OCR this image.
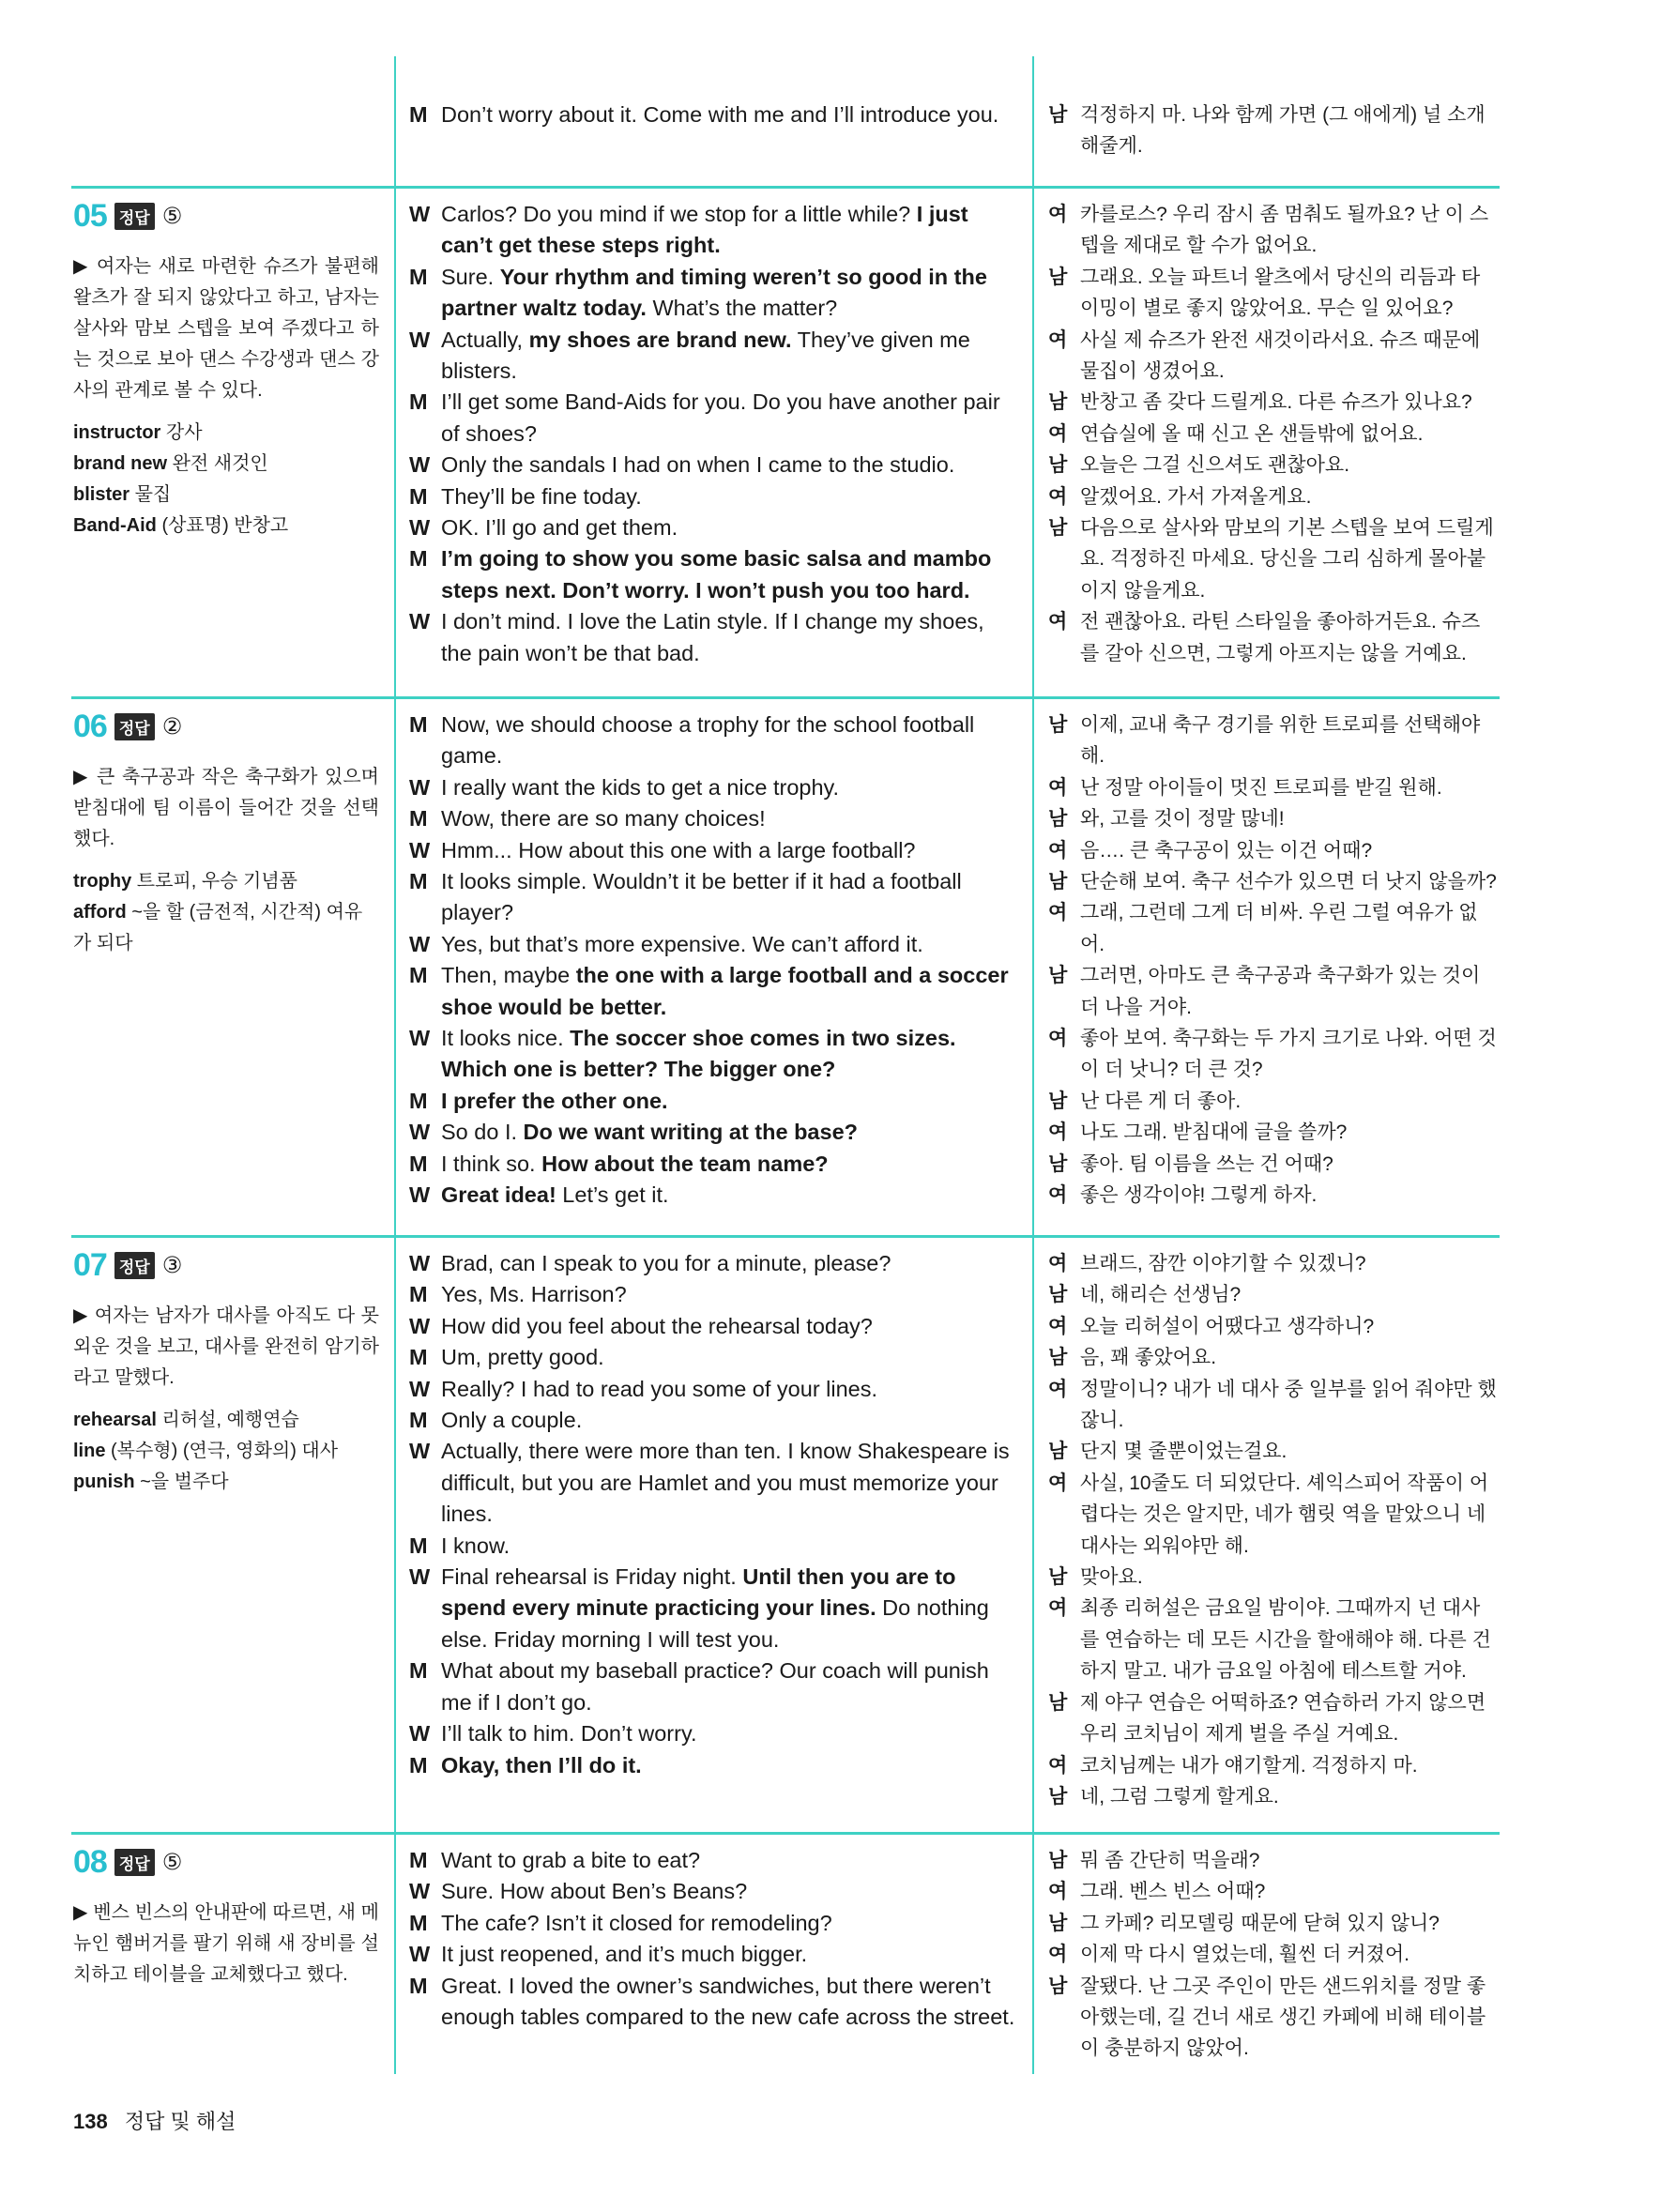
M Don’t worry about it. Come with me and I’ll introduce you.	남 걱정하지 마. 나와 함께 가면 (그 애에게) 널 소개해줄게.
05 정답 ⑤
▶ 여자는 새로 마련한 슈즈가 불편해 왈츠가 잘 되지 않았다고 하고, 남자는 살사와 맘보 스텝을 보여 주겠다고 하는 것으로 보아 댄스 수강생과 댄스 강사의 관계로 볼 수 있다.
instructor 강사
brand new 완전 새것인
blister 물집
Band-Aid (상표명) 반창고
W Carlos? Do you mind if we stop for a little while? I just can’t get these steps right.
M Sure. Your rhythm and timing weren’t so good in the partner waltz today. What’s the matter?
W Actually, my shoes are brand new. They’ve given me blisters.
M I’ll get some Band-Aids for you. Do you have another pair of shoes?
W Only the sandals I had on when I came to the studio.
M They’ll be fine today.
W OK. I’ll go and get them.
M I’m going to show you some basic salsa and mambo steps next. Don’t worry. I won’t push you too hard.
W I don’t mind. I love the Latin style. If I change my shoes, the pain won’t be that bad.
여 카를로스? 우리 잠시 좀 멈춰도 될까요? 난 이 스텝을 제대로 할 수가 없어요.
남 그래요. 오늘 파트너 왈츠에서 당신의 리듬과 타이밍이 별로 좋지 않았어요. 무슨 일 있어요?
여 사실 제 슈즈가 완전 새것이라서요. 슈즈 때문에 물집이 생겼어요.
남 반창고 좀 갖다 드릴게요. 다른 슈즈가 있나요?
여 연습실에 올 때 신고 온 샌들밖에 없어요.
남 오늘은 그걸 신으셔도 괜찮아요.
여 알겠어요. 가서 가져올게요.
남 다음으로 살사와 맘보의 기본 스텝을 보여 드릴게요. 걱정하진 마세요. 당신을 그리 심하게 몰아붙이지 않을게요.
여 전 괜찮아요. 라틴 스타일을 좋아하거든요. 슈즈를 갈아 신으면, 그렇게 아프지는 않을 거예요.
06 정답 ②
▶ 큰 축구공과 작은 축구화가 있으며 받침대에 팀 이름이 들어간 것을 선택했다.
trophy 트로피, 우승 기념품
afford ~을 할 (금전적, 시간적) 여유가 되다
M Now, we should choose a trophy for the school football game.
W I really want the kids to get a nice trophy.
M Wow, there are so many choices!
W Hmm... How about this one with a large football?
M It looks simple. Wouldn’t it be better if it had a football player?
W Yes, but that’s more expensive. We can’t afford it.
M Then, maybe the one with a large football and a soccer shoe would be better.
W It looks nice. The soccer shoe comes in two sizes. Which one is better? The bigger one?
M I prefer the other one.
W So do I. Do we want writing at the base?
M I think so. How about the team name?
W Great idea! Let’s get it.
남 이제, 교내 축구 경기를 위한 트로피를 선택해야 해.
여 난 정말 아이들이 멋진 트로피를 받길 원해.
남 와, 고를 것이 정말 많네!
여 음…. 큰 축구공이 있는 이건 어때?
남 단순해 보여. 축구 선수가 있으면 더 낫지 않을까?
여 그래, 그런데 그게 더 비싸. 우린 그럴 여유가 없어.
남 그러면, 아마도 큰 축구공과 축구화가 있는 것이 더 나을 거야.
여 좋아 보여. 축구화는 두 가지 크기로 나와. 어떤 것이 더 낫니? 더 큰 것?
남 난 다른 게 더 좋아.
여 나도 그래. 받침대에 글을 쓸까?
남 좋아. 팀 이름을 쓰는 건 어때?
여 좋은 생각이야! 그렇게 하자.
07 정답 ③
▶ 여자는 남자가 대사를 아직도 다 못 외운 것을 보고, 대사를 완전히 암기하라고 말했다.
rehearsal 리허설, 예행연습
line (복수형) (연극, 영화의) 대사
punish ~을 벌주다
W Brad, can I speak to you for a minute, please?
M Yes, Ms. Harrison?
W How did you feel about the rehearsal today?
M Um, pretty good.
W Really? I had to read you some of your lines.
M Only a couple.
W Actually, there were more than ten. I know Shakespeare is difficult, but you are Hamlet and you must memorize your lines.
M I know.
W Final rehearsal is Friday night. Until then you are to spend every minute practicing your lines. Do nothing else. Friday morning I will test you.
M What about my baseball practice? Our coach will punish me if I don’t go.
W I’ll talk to him. Don’t worry.
M Okay, then I’ll do it.
여 브래드, 잠깐 이야기할 수 있겠니?
남 네, 해리슨 선생님?
여 오늘 리허설이 어땠다고 생각하니?
남 음, 꽤 좋았어요.
여 정말이니? 내가 네 대사 중 일부를 읽어 줘야만 했잖니.
남 단지 몇 줄뿐이었는걸요.
여 사실, 10줄도 더 되었단다. 셰익스피어 작품이 어렵다는 것은 알지만, 네가 햄릿 역을 맡았으니 네 대사는 외워야만 해.
남 맞아요.
여 최종 리허설은 금요일 밤이야. 그때까지 넌 대사를 연습하는 데 모든 시간을 할애해야 해. 다른 건 하지 말고. 내가 금요일 아침에 테스트할 거야.
남 제 야구 연습은 어떡하죠? 연습하러 가지 않으면 우리 코치님이 제게 벌을 주실 거예요.
여 코치님께는 내가 얘기할게. 걱정하지 마.
남 네, 그럼 그렇게 할게요.
08 정답 ⑤
▶ 벤스 빈스의 안내판에 따르면, 새 메뉴인 햄버거를 팔기 위해 새 장비를 설치하고 테이블을 교체했다고 했다.
M Want to grab a bite to eat?
W Sure. How about Ben’s Beans?
M The cafe? Isn’t it closed for remodeling?
W It just reopened, and it’s much bigger.
M Great. I loved the owner’s sandwiches, but there weren’t enough tables compared to the new cafe across the street.
남 뭐 좀 간단히 먹을래?
여 그래. 벤스 빈스 어때?
남 그 카페? 리모델링 때문에 닫혀 있지 않니?
여 이제 막 다시 열었는데, 훨씬 더 커졌어.
남 잘됐다. 난 그곳 주인이 만든 샌드위치를 정말 좋아했는데, 길 건너 새로 생긴 카페에 비해 테이블이 충분하지 않았어.
138 정답 및 해설
